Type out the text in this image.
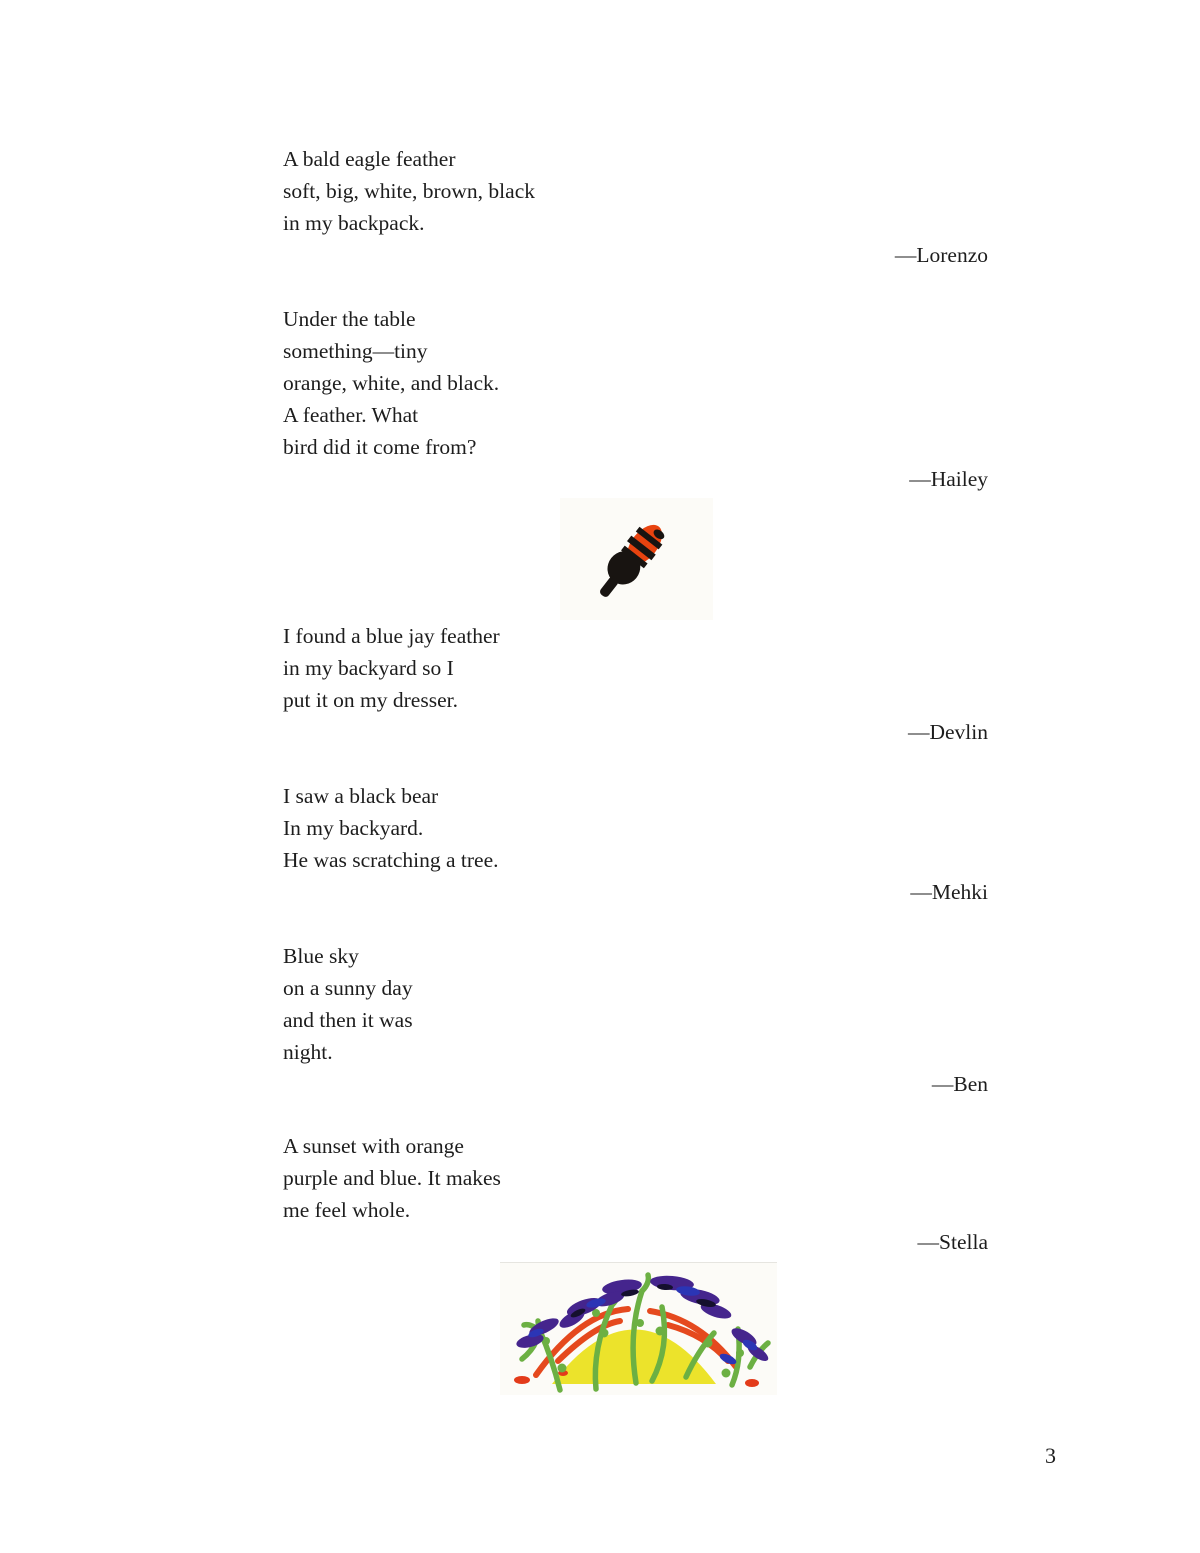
A bald eagle feather
soft, big, white, brown, black
in my backpack.
—Lorenzo
Under the table
something—tiny
orange, white, and black.
A feather. What
bird did it come from?
—Hailey
I found a blue jay feather
in my backyard so I
put it on my dresser.
—Devlin
I saw a black bear
In my backyard.
He was scratching a tree.
—Mehki
Blue sky
on a sunny day
and then it was
night.
—Ben
A sunset with orange
purple and blue. It makes
me feel whole.
—Stella
3
